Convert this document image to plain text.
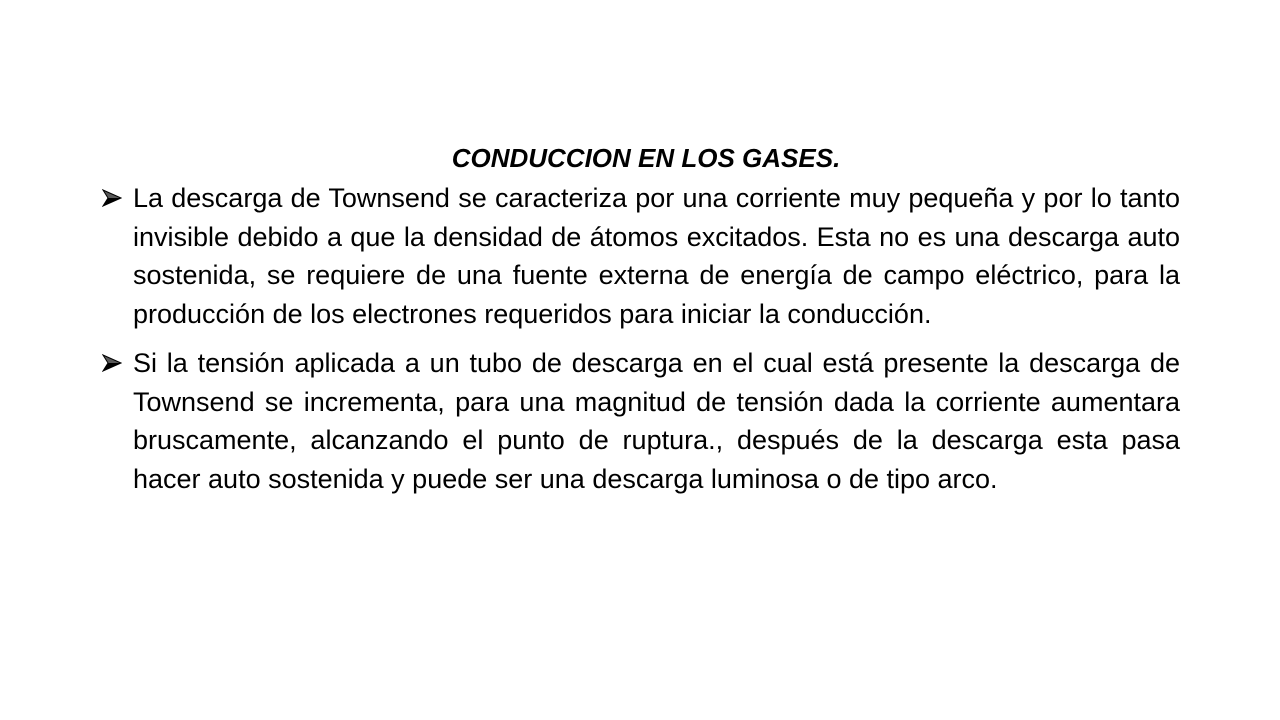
CONDUCCION EN LOS GASES.
La descarga de Townsend se caracteriza por una corriente muy pequeña y por lo tanto invisible debido a que la densidad de átomos excitados. Esta no es una descarga auto sostenida, se requiere de una fuente externa de energía de campo eléctrico, para la producción de los electrones requeridos para iniciar la conducción.
Si la tensión aplicada a un tubo de descarga en el cual está presente la descarga de Townsend se incrementa, para una magnitud de tensión dada la corriente aumentara bruscamente, alcanzando el punto de ruptura., después de la descarga esta pasa hacer auto sostenida y puede ser una descarga luminosa o de tipo arco.
